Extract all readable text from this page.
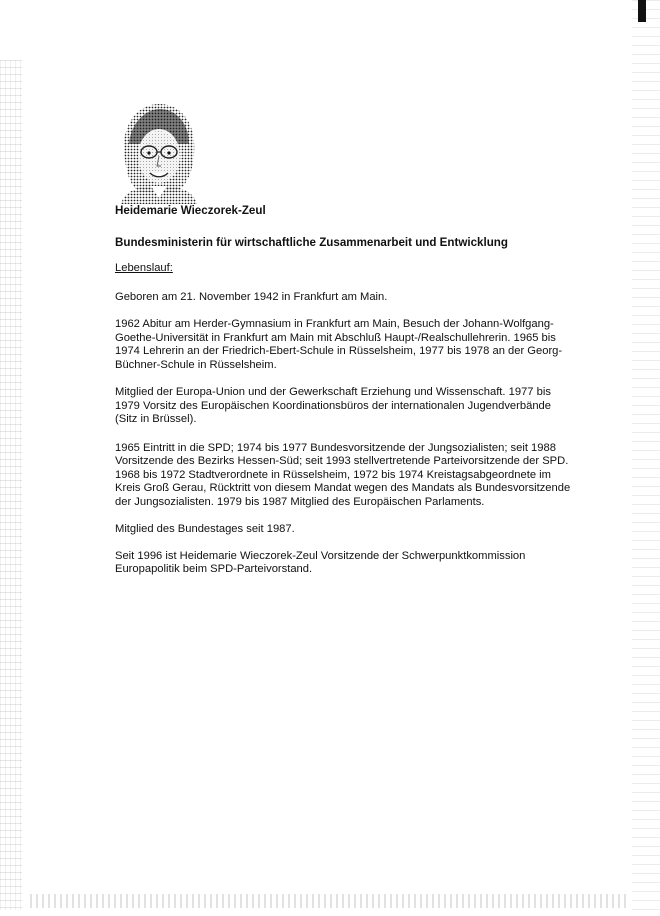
Heidemarie Wieczorek-Zeul

Bundesministerin für wirtschaftliche Zusammenarbeit und Entwicklung

Lebenslauf:

Geboren am 21. November 1942 in Frankfurt am Main.

1962 Abitur am Herder-Gymnasium in Frankfurt am Main, Besuch der Johann-Wolfgang-
Goethe-Universität in Frankfurt am Main mit Abschluß Haupt-/Realschullehrerin. 1965 bis
1974 Lehrerin an der Friedrich-Ebert-Schule in Rüsselsheim, 1977 bis 1978 an der Georg-
Büchner-Schule in Rüsselsheim.

Mitglied der Europa-Union und der Gewerkschaft Erziehung und Wissenschaft. 1977 bis
1979 Vorsitz des Europäischen Koordinationsbüros der internationalen Jugendverbände
(Sitz in Brüssel).

1965 Eintritt in die SPD; 1974 bis 1977 Bundesvorsitzende der Jungsozialisten; seit 1988
Vorsitzende des Bezirks Hessen-Süd; seit 1993 stellvertretende Parteivorsitzende der SPD.
1968 bis 1972 Stadtverordnete in Rüsselsheim, 1972 bis 1974 Kreistagsabgeordnete im
Kreis Groß Gerau, Rücktritt von diesem Mandat wegen des Mandats als Bundesvorsitzende
der Jungsozialisten. 1979 bis 1987 Mitglied des Europäischen Parlaments.

Mitglied des Bundestages seit 1987.

Seit 1996 ist Heidemarie Wieczorek-Zeul Vorsitzende der Schwerpunktkommission
Europapolitik beim SPD-Parteivorstand.
